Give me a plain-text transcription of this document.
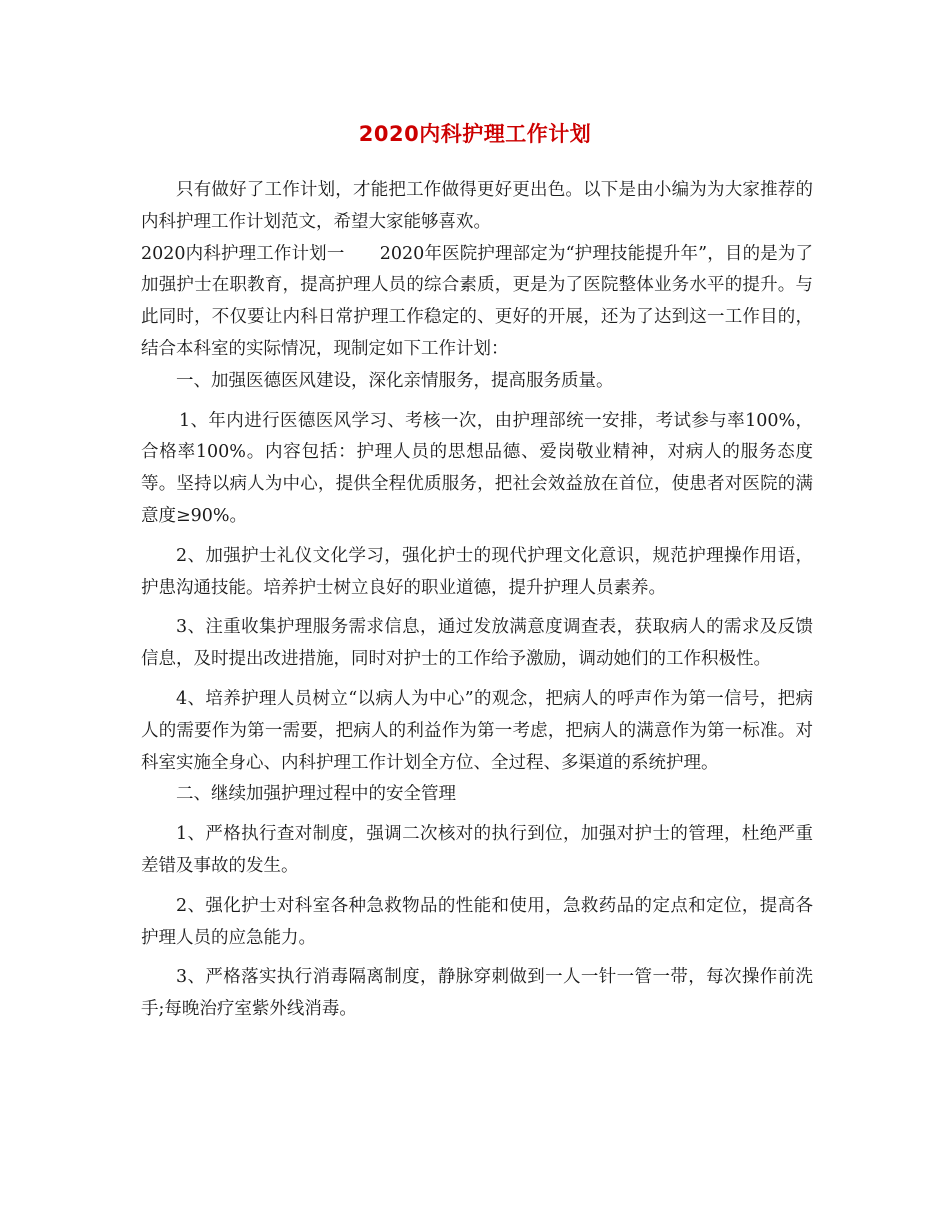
2020内科护理工作计划

只有做好了工作计划，才能把工作做得更好更出色。以下是由小编为为大家推荐的内科护理工作计划范文，希望大家能够喜欢。

2020内科护理工作计划一　　2020年医院护理部定为“护理技能提升年”，目的是为了加强护士在职教育，提高护理人员的综合素质，更是为了医院整体业务水平的提升。与此同时，不仅要让内科日常护理工作稳定的、更好的开展，还为了达到这一工作目的，结合本科室的实际情况，现制定如下工作计划：

一、加强医德医风建设，深化亲情服务，提高服务质量。

1、年内进行医德医风学习、考核一次，由护理部统一安排，考试参与率100%，合格率100%。内容包括：护理人员的思想品德、爱岗敬业精神，对病人的服务态度等。坚持以病人为中心，提供全程优质服务，把社会效益放在首位，使患者对医院的满意度≥90%。

2、加强护士礼仪文化学习，强化护士的现代护理文化意识，规范护理操作用语，护患沟通技能。培养护士树立良好的职业道德，提升护理人员素养。

3、注重收集护理服务需求信息，通过发放满意度调查表，获取病人的需求及反馈信息，及时提出改进措施，同时对护士的工作给予激励，调动她们的工作积极性。

4、培养护理人员树立“以病人为中心”的观念，把病人的呼声作为第一信号，把病人的需要作为第一需要，把病人的利益作为第一考虑，把病人的满意作为第一标准。对科室实施全身心、内科护理工作计划全方位、全过程、多渠道的系统护理。

二、继续加强护理过程中的安全管理

1、严格执行查对制度，强调二次核对的执行到位，加强对护士的管理，杜绝严重差错及事故的发生。

2、强化护士对科室各种急救物品的性能和使用，急救药品的定点和定位，提高各护理人员的应急能力。

3、严格落实执行消毒隔离制度，静脉穿刺做到一人一针一管一带，每次操作前洗手;每晚治疗室紫外线消毒。
